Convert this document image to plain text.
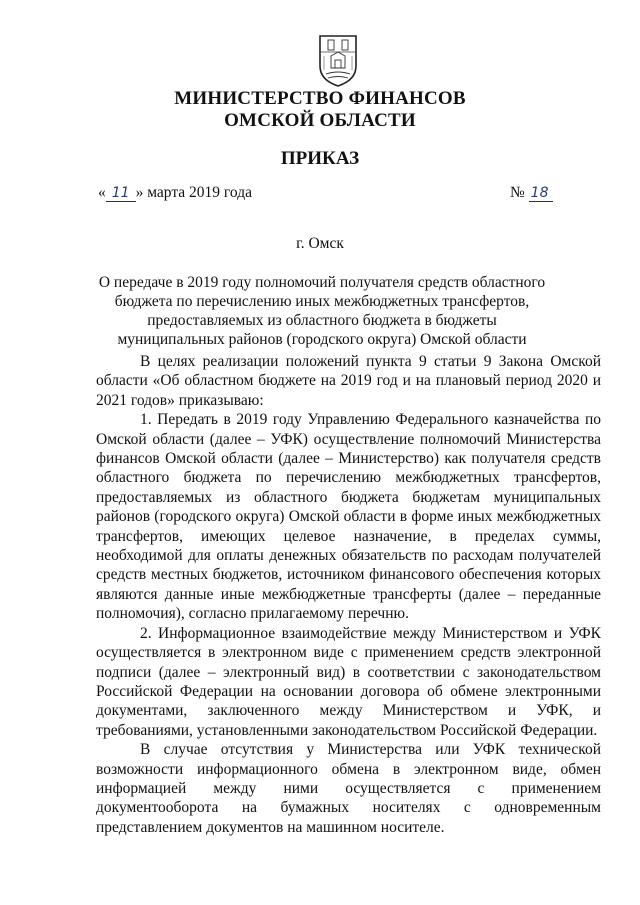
МИНИСТЕРСТВО ФИНАНСОВ
ОМСКОЙ ОБЛАСТИ
ПРИКАЗ
« 11 » марта 2019 года	№ 18
г. Омск
О передаче в 2019 году полномочий получателя средств областного бюджета по перечислению иных межбюджетных трансфертов, предоставляемых из областного бюджета в бюджеты муниципальных районов (городского округа) Омской области

В целях реализации положений пункта 9 статьи 9 Закона Омской области «Об областном бюджете на 2019 год и на плановый период 2020 и 2021 годов» приказываю:

1. Передать в 2019 году Управлению Федерального казначейства по Омской области (далее – УФК) осуществление полномочий Министерства финансов Омской области (далее – Министерство) как получателя средств областного бюджета по перечислению межбюджетных трансфертов, предоставляемых из областного бюджета бюджетам муниципальных районов (городского округа) Омской области в форме иных межбюджетных трансфертов, имеющих целевое назначение, в пределах суммы, необходимой для оплаты денежных обязательств по расходам получателей средств местных бюджетов, источником финансового обеспечения которых являются данные иные межбюджетные трансферты (далее – переданные полномочия), согласно прилагаемому перечню.

2. Информационное взаимодействие между Министерством и УФК осуществляется в электронном виде с применением средств электронной подписи (далее – электронный вид) в соответствии с законодательством Российской Федерации на основании договора об обмене электронными документами, заключенного между Министерством и УФК, и требованиями, установленными законодательством Российской Федерации.

В случае отсутствия у Министерства или УФК технической возможности информационного обмена в электронном виде, обмен информацией между ними осуществляется с применением документооборота на бумажных носителях с одновременным представлением документов на машинном носителе.
